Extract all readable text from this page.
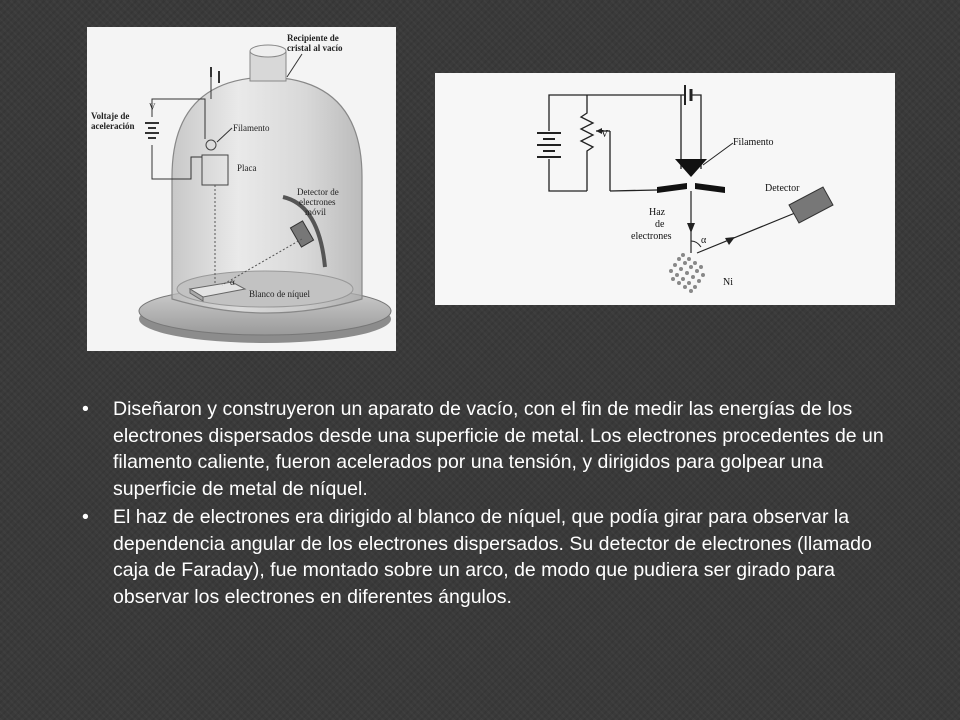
Recipiente de
cristal al vacío
Voltaje de
aceleración
V
Filamento
Placa
Detector de
electrones
móvil
α
Blanco de níquel
V
Filamento
Detector
Haz
de
electrones	α
Ni
• Diseñaron y construyeron un aparato de vacío, con el fin de medir las energías de los electrones dispersados desde una superficie de metal. Los electrones procedentes de un filamento caliente, fueron acelerados por una tensión, y dirigidos para golpear una superficie de metal de níquel.
• El haz de electrones era dirigido al blanco de níquel, que podía girar para observar la dependencia angular de los electrones dispersados. Su detector de electrones (llamado caja de Faraday), fue montado sobre un arco, de modo que pudiera ser girado para observar los electrones en diferentes ángulos.
